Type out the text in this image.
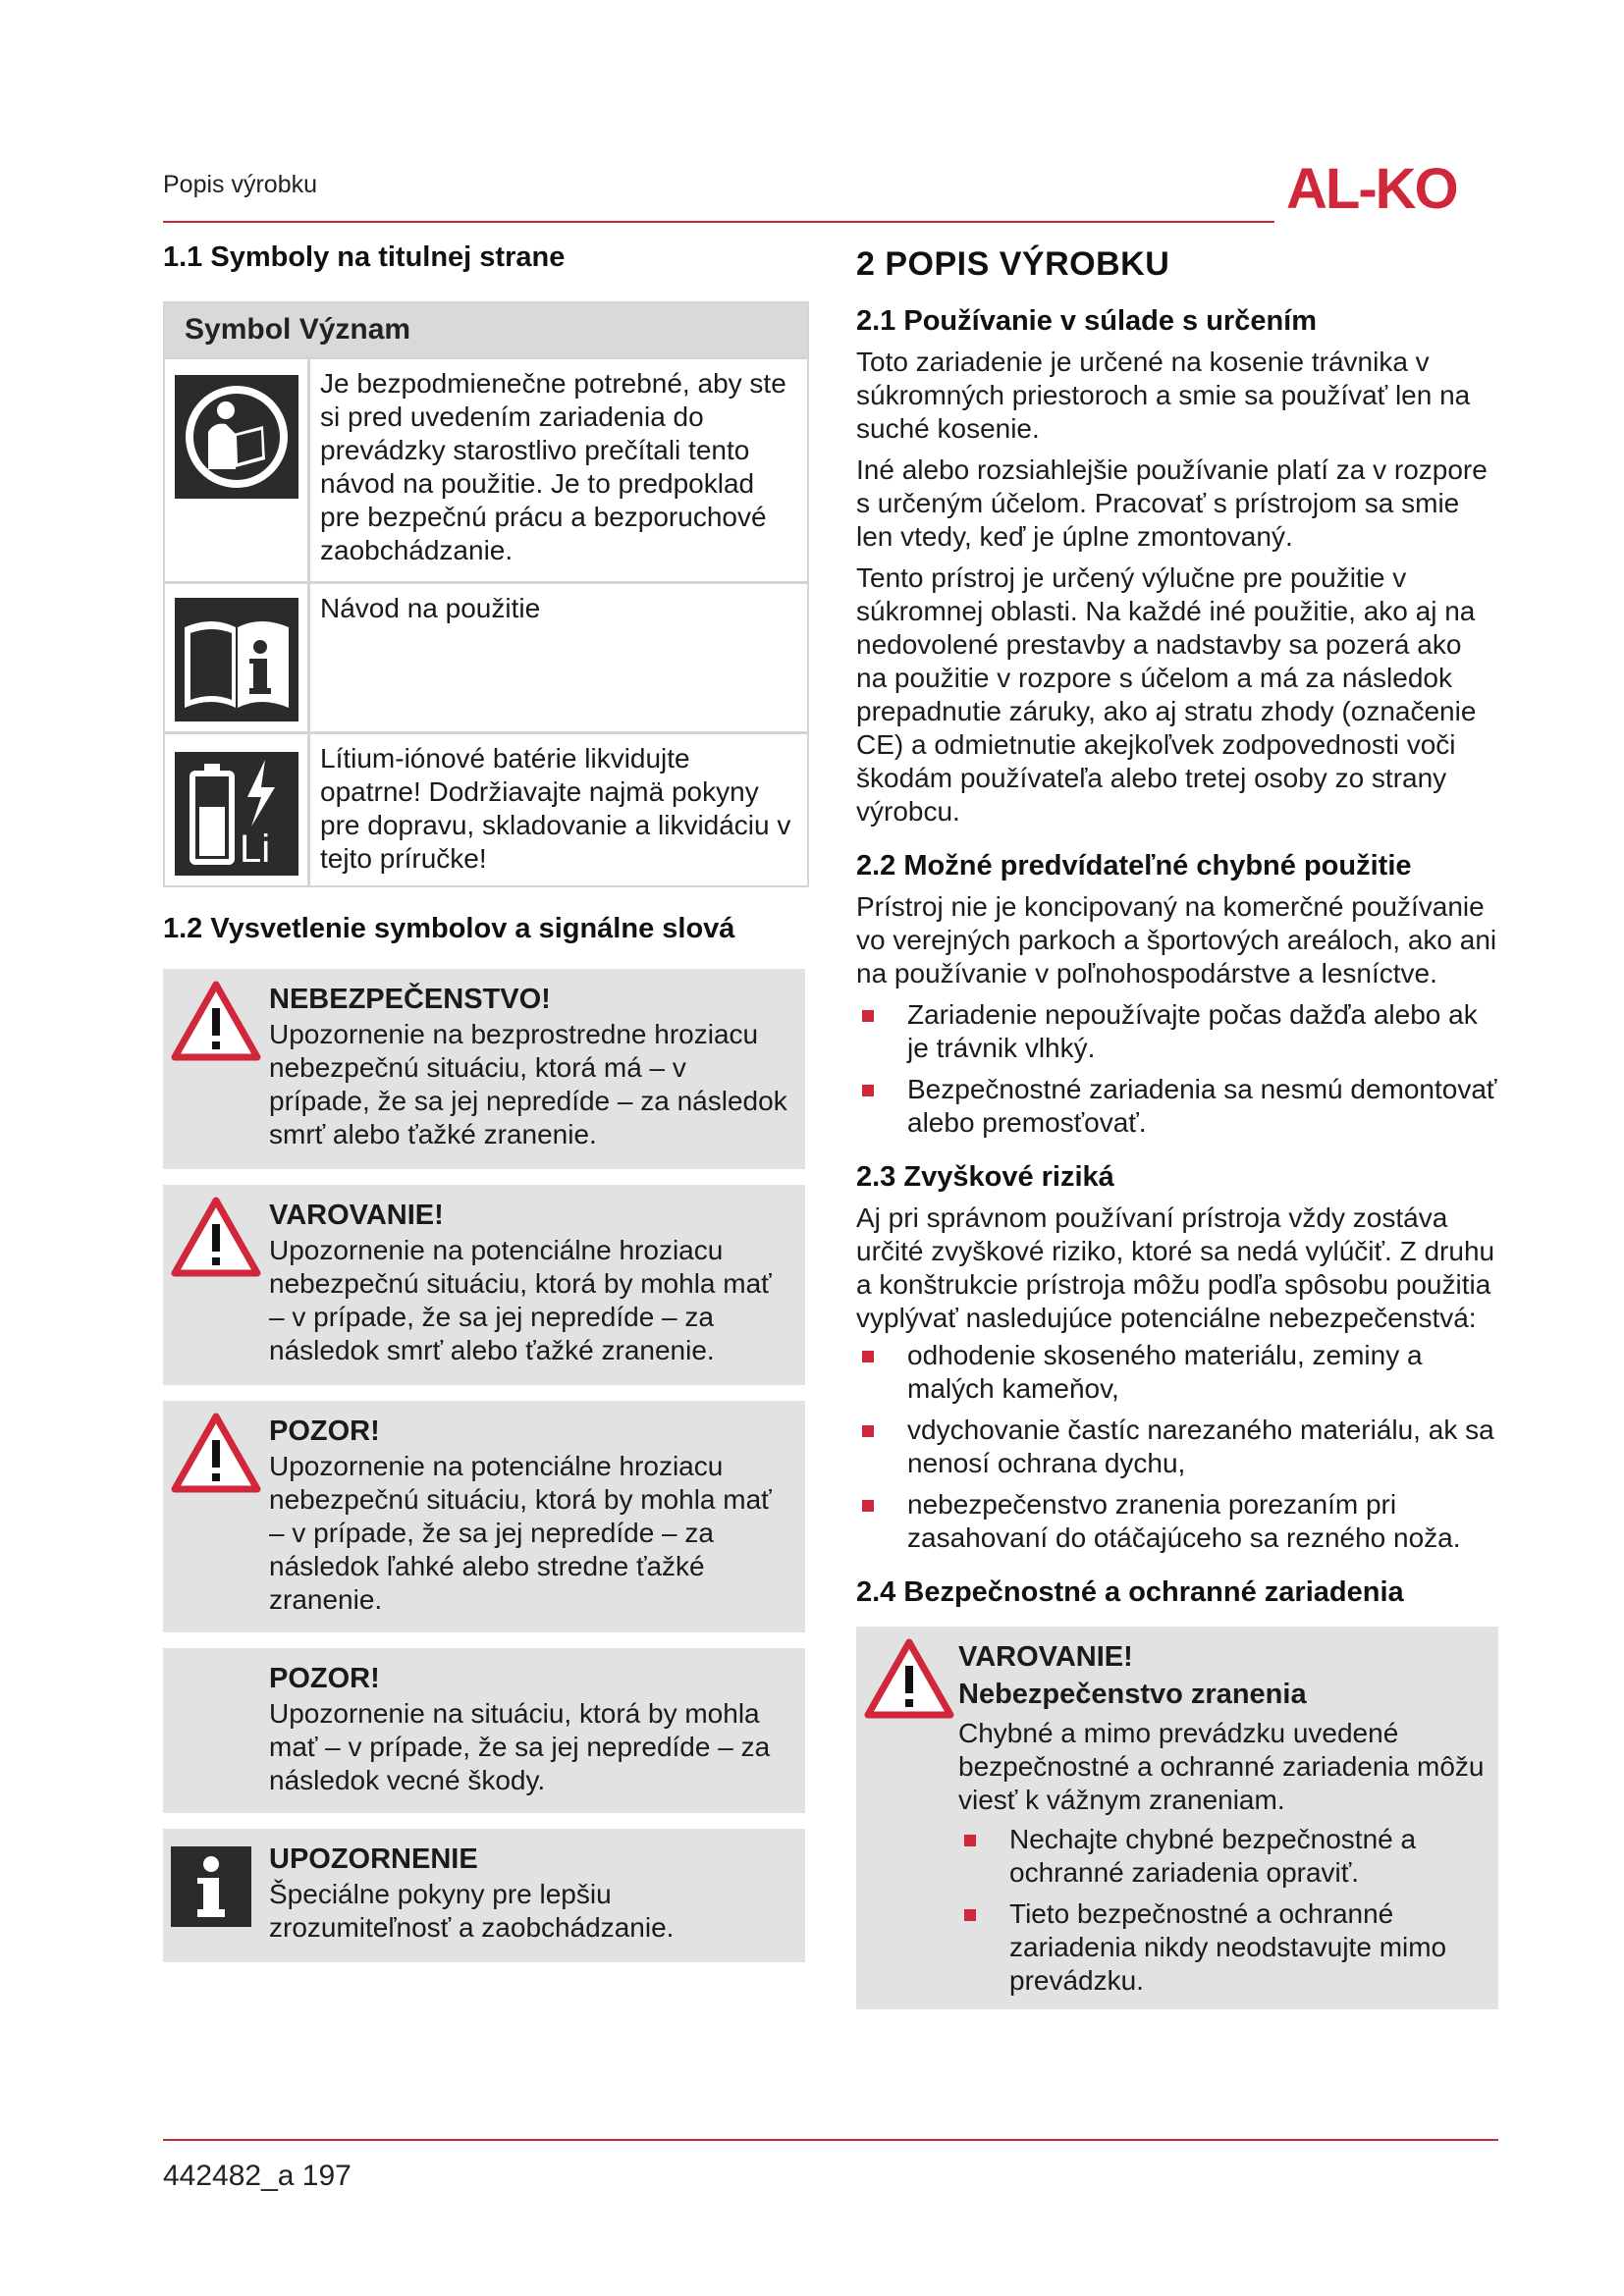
Popis výrobku	AL-KO
1.1 Symboly na titulnej strane
Symbol Význam
Je bezpodmienečne potrebné, aby ste si pred uvedením zariadenia do prevádzky starostlivo prečítali tento návod na použitie. Je to predpoklad pre bezpečnú prácu a bezporuchové zaobchádzanie.
Návod na použitie
Li
Lítium-iónové batérie likvidujte opatrne! Dodržiavajte najmä pokyny pre dopravu, skladovanie a likvidáciu v tejto príručke!
1.2 Vysvetlenie symbolov a signálne slová
NEBEZPEČENSTVO!
Upozornenie na bezprostredne hroziacu nebezpečnú situáciu, ktorá má – v prípade, že sa jej nepredíde – za následok smrť alebo ťažké zranenie.
VAROVANIE!
Upozornenie na potenciálne hroziacu nebezpečnú situáciu, ktorá by mohla mať – v prípade, že sa jej nepredíde – za následok smrť alebo ťažké zranenie.
POZOR!
Upozornenie na potenciálne hroziacu nebezpečnú situáciu, ktorá by mohla mať – v prípade, že sa jej nepredíde – za následok ľahké alebo stredne ťažké zranenie.
POZOR!
Upozornenie na situáciu, ktorá by mohla mať – v prípade, že sa jej nepredíde – za následok vecné škody.
UPOZORNENIE
Špeciálne pokyny pre lepšiu zrozumiteľnosť a zaobchádzanie.
2 POPIS VÝROBKU
2.1 Používanie v súlade s určením

Toto zariadenie je určené na kosenie trávnika v súkromných priestoroch a smie sa používať len na suché kosenie.

Iné alebo rozsiahlejšie používanie platí za v rozpore s určeným účelom. Pracovať s prístrojom sa smie len vtedy, keď je úplne zmontovaný.

Tento prístroj je určený výlučne pre použitie v súkromnej oblasti. Na každé iné použitie, ako aj na nedovolené prestavby a nadstavby sa pozerá ako na použitie v rozpore s účelom a má za následok prepadnutie záruky, ako aj stratu zhody (označenie CE) a odmietnutie akejkoľvek zodpovednosti voči škodám používateľa alebo tretej osoby zo strany výrobcu.

2.2 Možné predvídateľné chybné použitie

Prístroj nie je koncipovaný na komerčné používanie vo verejných parkoch a športových areáloch, ako ani na používanie v poľnohospodárstve a lesníctve.

Zariadenie nepoužívajte počas dažďa alebo ak je trávnik vlhký.
Bezpečnostné zariadenia sa nesmú demontovať alebo premosťovať.
2.3 Zvyškové riziká

Aj pri správnom používaní prístroja vždy zostáva určité zvyškové riziko, ktoré sa nedá vylúčiť. Z druhu a konštrukcie prístroja môžu podľa spôsobu použitia vyplývať nasledujúce potenciálne nebezpečenstvá:

odhodenie skoseného materiálu, zeminy a malých kameňov,
vdychovanie častíc narezaného materiálu, ak sa nenosí ochrana dychu,
nebezpečenstvo zranenia porezaním pri zasahovaní do otáčajúceho sa rezného noža.
2.4 Bezpečnostné a ochranné zariadenia
VAROVANIE!
Nebezpečenstvo zranenia
Chybné a mimo prevádzku uvedené bezpečnostné a ochranné zariadenia môžu viesť k vážnym zraneniam.
Nechajte chybné bezpečnostné a ochranné zariadenia opraviť.
Tieto bezpečnostné a ochranné zariadenia nikdy neodstavujte mimo prevádzku.
442482_a 197
